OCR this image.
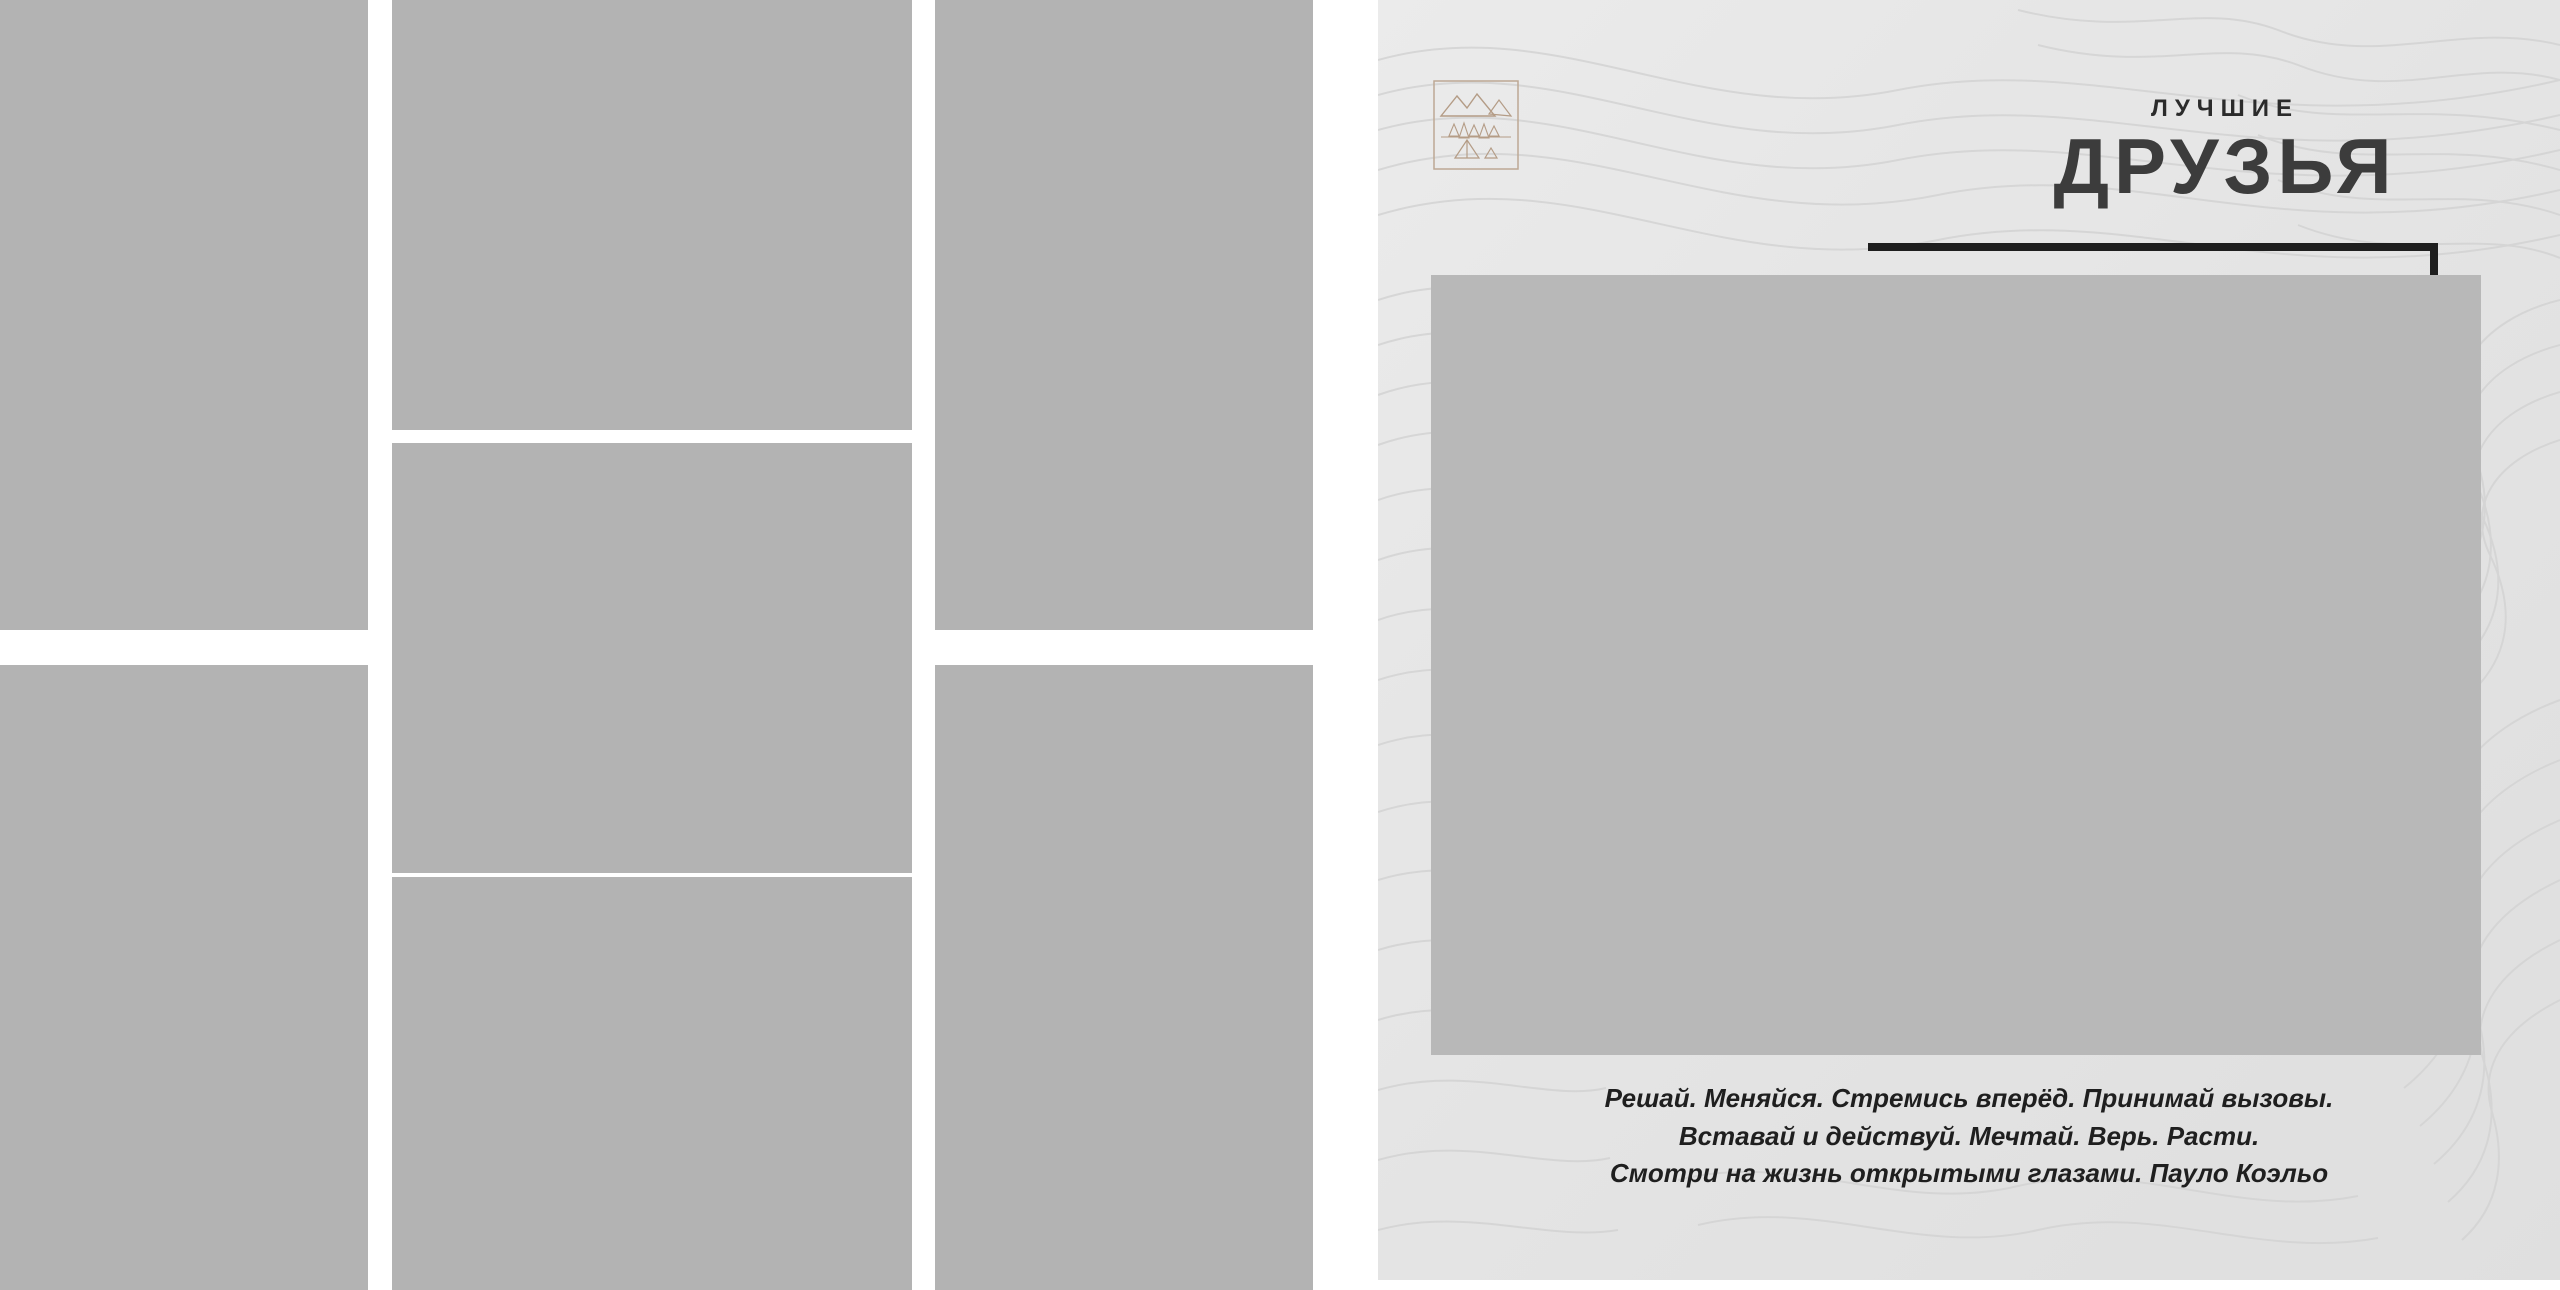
ЛУЧШИЕ

ДРУЗЬЯ

Решай. Меняйся. Стремись вперёд. Принимай вызовы.

Вставай и действуй. Мечтай. Верь. Расти.

Смотри на жизнь открытыми глазами. Пауло Коэльо
